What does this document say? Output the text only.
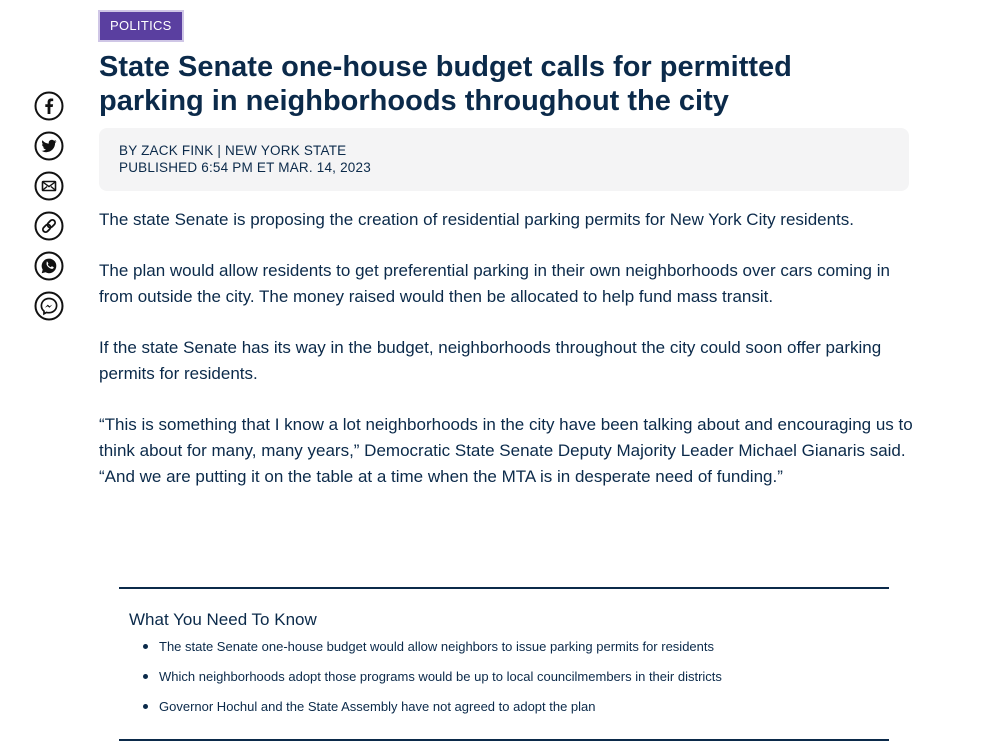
POLITICS
State Senate one-house budget calls for permitted parking in neighborhoods throughout the city
BY ZACK FINK | NEW YORK STATE
PUBLISHED 6:54 PM ET MAR. 14, 2023

The state Senate is proposing the creation of residential parking permits for New York City residents.

The plan would allow residents to get preferential parking in their own neighborhoods over cars coming in from outside the city. The money raised would then be allocated to help fund mass transit.

If the state Senate has its way in the budget, neighborhoods throughout the city could soon offer parking permits for residents.

“This is something that I know a lot neighborhoods in the city have been talking about and encouraging us to think about for many, many years,” Democratic State Senate Deputy Majority Leader Michael Gianaris said. “And we are putting it on the table at a time when the MTA is in desperate need of funding.”

What You Need To Know
The state Senate one-house budget would allow neighbors to issue parking permits for residents
Which neighborhoods adopt those programs would be up to local councilmembers in their districts
Governor Hochul and the State Assembly have not agreed to adopt the plan
